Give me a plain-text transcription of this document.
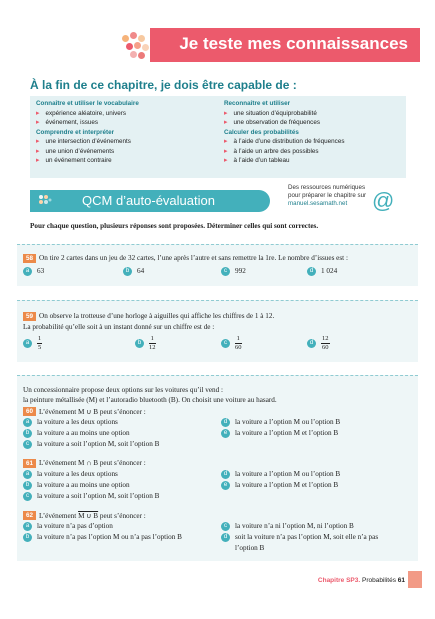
Je teste mes connaissances
À la fin de ce chapitre, je dois être capable de :
Connaître et utiliser le vocabulaire
▸ expérience aléatoire, univers
▸ événement, issues
Comprendre et interpréter
▸ une intersection d’événements
▸ une union d’événements
▸ un événement contraire
Reconnaître et utiliser
▸ une situation d’équiprobabilité
▸ une observation de fréquences
Calculer des probabilités
▸ à l’aide d’une distribution de fréquences
▸ à l’aide un arbre des possibles
▸ à l’aide d’un tableau
QCM d’auto-évaluation
Des ressources numériques
pour préparer le chapitre sur
manuel.sesamath.net	@
Pour chaque question, plusieurs réponses sont proposées. Déterminer celles qui sont correctes.
58 On tire 2 cartes dans un jeu de 32 cartes, l’une après l’autre et sans remettre la 1re. Le nombre d’issues est :
a 63	b 64	c 992	d 1 024
59 On observe la trotteuse d’une horloge à aiguilles qui affiche les chiffres de 1 à 12.
La probabilité qu’elle soit à un instant donné sur un chiffre est de :
a $\frac{1}{5}$	b $\frac{1}{12}$	c $\frac{1}{60}$	d $\frac{12}{60}$
Un concessionnaire propose deux options sur les voitures qu’il vend :
la peinture métallisée (M) et l’autoradio bluetooth (B). On choisit une voiture au hasard.
60 L’événement M ∪ B peut s’énoncer :
a la voiture a les deux options
b la voiture a au moins une option
c la voiture a soit l’option M, soit l’option B
d la voiture a l’option M ou l’option B
e la voiture a l’option M et l’option B
61 L’événement M ∩ B peut s’énoncer :
a la voiture a les deux options
b la voiture a au moins une option
c la voiture a soit l’option M, soit l’option B
d la voiture a l’option M ou l’option B
e la voiture a l’option M et l’option B
62 L’événement M ∪ B peut s’énoncer :
a la voiture n’a pas d’option
b la voiture n’a pas l’option M ou n’a pas l’option B
c la voiture n’a ni l’option M, ni l’option B
d soit la voiture n’a pas l’option M, soit elle n’a pas
l’option B
Chapitre SP3. Probabilités 61
